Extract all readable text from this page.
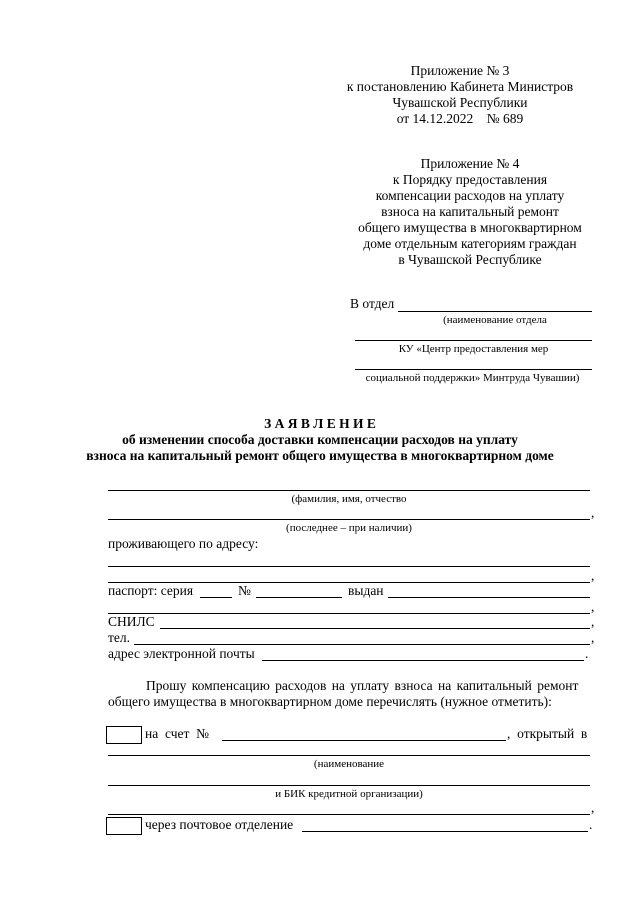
Приложение № 3
к постановлению Кабинета Министров
Чувашской Республики
от 14.12.2022    № 689
Приложение № 4
к Порядку предоставления
компенсации расходов на уплату
взноса на капитальный ремонт
общего имущества в многоквартирном
доме отдельным категориям граждан
в Чувашской Республике
В отдел
(наименование отдела
КУ «Центр предоставления мер
социальной поддержки» Минтруда Чувашии)
З А Я В Л Е Н И Е
об изменении способа доставки компенсации расходов на уплату
взноса на капитальный ремонт общего имущества в многоквартирном доме
(фамилия, имя, отчество
,
(последнее – при наличии)
проживающего по адресу:
,
паспорт: серия	№	выдан
,
СНИЛС	,
тел.	,
адрес электронной почты	.
Прошу компенсацию расходов на уплату взноса на капитальный ремонт
общего имущества в многоквартирном доме перечислять (нужное отметить):
на  счет  №	,  открытый  в
(наименование
и БИК кредитной организации)
,
через почтовое отделение	.
